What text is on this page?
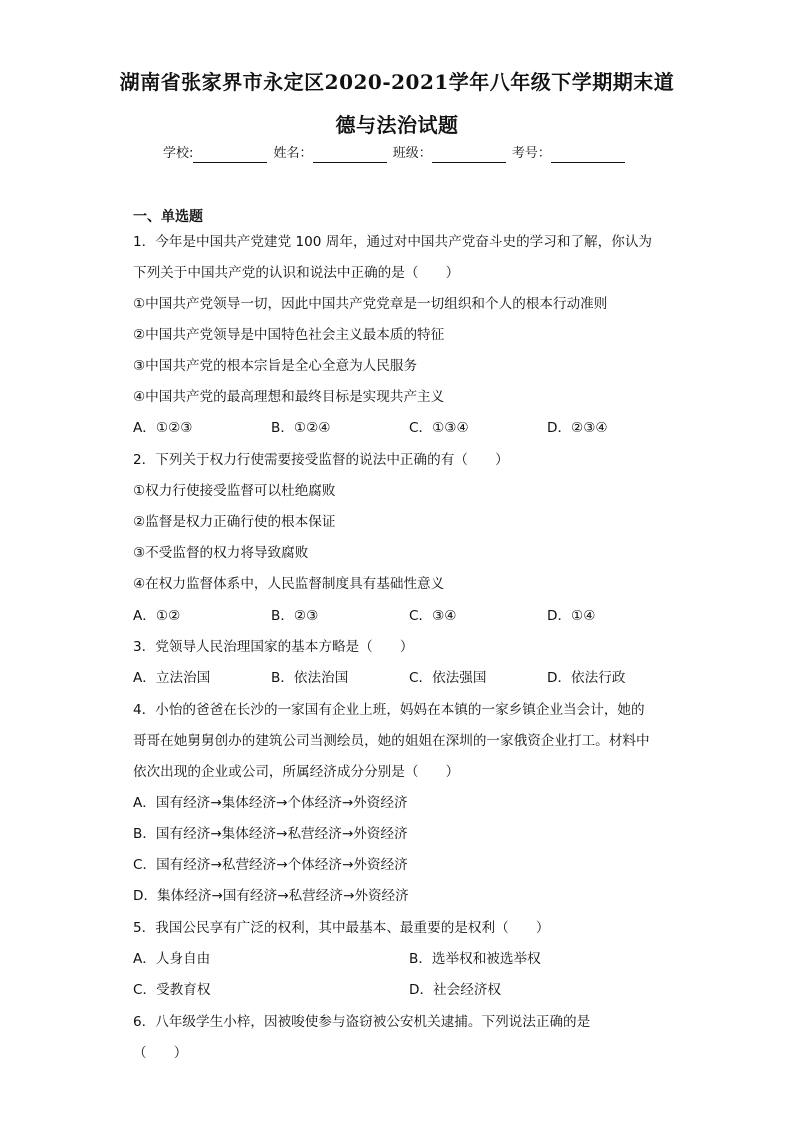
湖南省张家界市永定区2020-2021学年八年级下学期期末道
德与法治试题
学校:	姓名：	班级：	考号：
一、单选题
1．今年是中国共产党建党 100 周年，通过对中国共产党奋斗史的学习和了解，你认为
下列关于中国共产党的认识和说法中正确的是（　　）
①中国共产党领导一切，因此中国共产党党章是一切组织和个人的根本行动准则
②中国共产党领导是中国特色社会主义最本质的特征
③中国共产党的根本宗旨是全心全意为人民服务
④中国共产党的最高理想和最终目标是实现共产主义
A．①②③	B．①②④	C．①③④	D．②③④
2．下列关于权力行使需要接受监督的说法中正确的有（　　）
①权力行使接受监督可以杜绝腐败
②监督是权力正确行使的根本保证
③不受监督的权力将导致腐败
④在权力监督体系中，人民监督制度具有基础性意义
A．①②	B．②③	C．③④	D．①④
3．党领导人民治理国家的基本方略是（　　）
A．立法治国	B．依法治国	C．依法强国	D．依法行政
4．小怡的爸爸在长沙的一家国有企业上班，妈妈在本镇的一家乡镇企业当会计，她的
哥哥在她舅舅创办的建筑公司当测绘员，她的姐姐在深圳的一家俄资企业打工。材料中
依次出现的企业或公司，所属经济成分分别是（　　）
A．国有经济→集体经济→个体经济→外资经济
B．国有经济→集体经济→私营经济→外资经济
C．国有经济→私营经济→个体经济→外资经济
D．集体经济→国有经济→私营经济→外资经济
5．我国公民享有广泛的权利，其中最基本、最重要的是权利（　　）
A．人身自由	B．选举权和被选举权
C．受教育权	D．社会经济权
6．八年级学生小梓，因被唆使参与盗窃被公安机关逮捕。下列说法正确的是
（　　）
